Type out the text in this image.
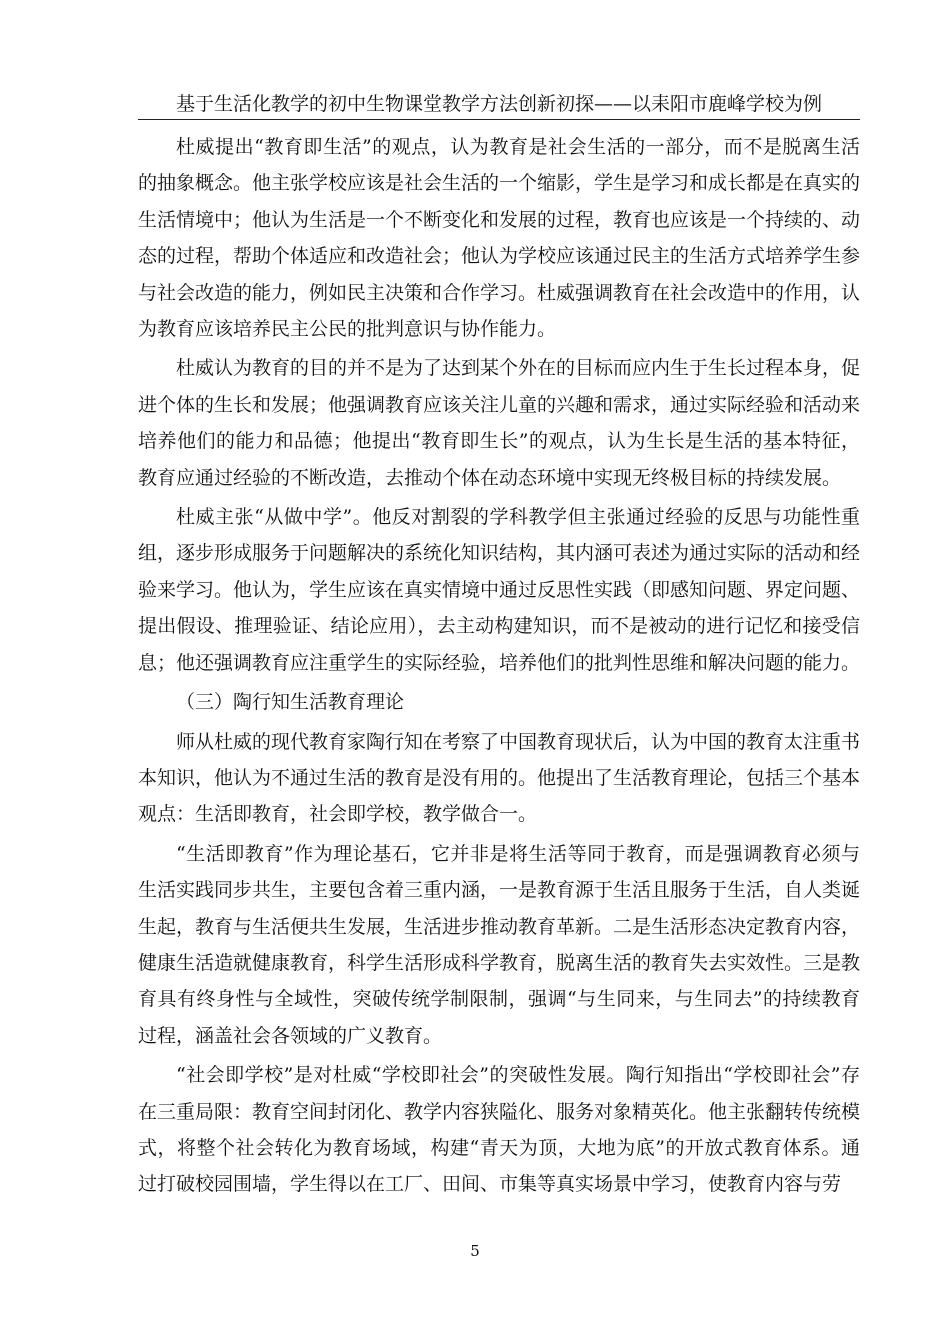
基于生活化教学的初中生物课堂教学方法创新初探——以耒阳市鹿峰学校为例

杜威提出“教育即生活”的观点，认为教育是社会生活的一部分，而不是脱离生活的抽象概念。他主张学校应该是社会生活的一个缩影，学生是学习和成长都是在真实的生活情境中；他认为生活是一个不断变化和发展的过程，教育也应该是一个持续的、动态的过程，帮助个体适应和改造社会；他认为学校应该通过民主的生活方式培养学生参与社会改造的能力，例如民主决策和合作学习。杜威强调教育在社会改造中的作用，认为教育应该培养民主公民的批判意识与协作能力。

杜威认为教育的目的并不是为了达到某个外在的目标而应内生于生长过程本身，促进个体的生长和发展；他强调教育应该关注儿童的兴趣和需求，通过实际经验和活动来培养他们的能力和品德；他提出“教育即生长”的观点，认为生长是生活的基本特征，教育应通过经验的不断改造，去推动个体在动态环境中实现无终极目标的持续发展。

杜威主张“从做中学”。他反对割裂的学科教学但主张通过经验的反思与功能性重组，逐步形成服务于问题解决的系统化知识结构，其内涵可表述为通过实际的活动和经验来学习。他认为，学生应该在真实情境中通过反思性实践（即感知问题、界定问题、提出假设、推理验证、结论应用），去主动构建知识，而不是被动的进行记忆和接受信息；他还强调教育应注重学生的实际经验，培养他们的批判性思维和解决问题的能力。

（三）陶行知生活教育理论

师从杜威的现代教育家陶行知在考察了中国教育现状后，认为中国的教育太注重书本知识，他认为不通过生活的教育是没有用的。他提出了生活教育理论，包括三个基本观点：生活即教育，社会即学校，教学做合一。

“生活即教育”作为理论基石，它并非是将生活等同于教育，而是强调教育必须与生活实践同步共生，主要包含着三重内涵，一是教育源于生活且服务于生活，自人类诞生起，教育与生活便共生发展，生活进步推动教育革新。二是生活形态决定教育内容，健康生活造就健康教育，科学生活形成科学教育，脱离生活的教育失去实效性。三是教育具有终身性与全域性，突破传统学制限制，强调“与生同来，与生同去”的持续教育过程，涵盖社会各领域的广义教育。

“社会即学校”是对杜威“学校即社会”的突破性发展。陶行知指出“学校即社会”存在三重局限：教育空间封闭化、教学内容狭隘化、服务对象精英化。他主张翻转传统模式，将整个社会转化为教育场域，构建“青天为顶，大地为底”的开放式教育体系。通过打破校园围墙，学生得以在工厂、田间、市集等真实场景中学习，使教育内容与劳

5
